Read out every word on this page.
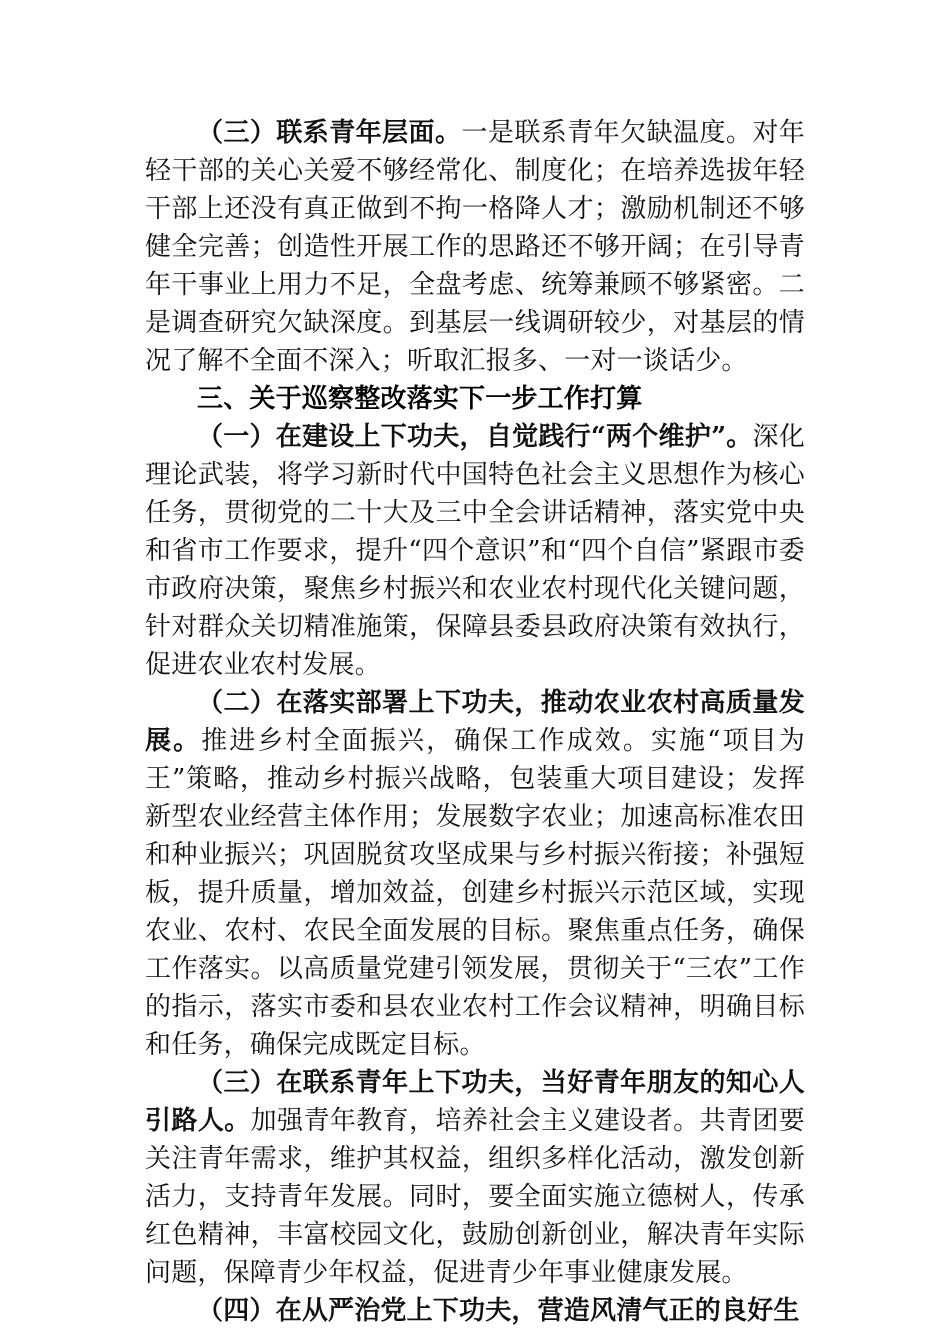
（三）联系青年层面。一是联系青年欠缺温度。对年轻干部的关心关爱不够经常化、制度化；在培养选拔年轻干部上还没有真正做到不拘一格降人才；激励机制还不够健全完善；创造性开展工作的思路还不够开阔；在引导青年干事业上用力不足，全盘考虑、统筹兼顾不够紧密。二是调查研究欠缺深度。到基层一线调研较少，对基层的情况了解不全面不深入；听取汇报多、一对一谈话少。

三、关于巡察整改落实下一步工作打算

（一）在建设上下功夫，自觉践行“两个维护”。深化理论武装，将学习新时代中国特色社会主义思想作为核心任务，贯彻党的二十大及三中全会讲话精神，落实党中央和省市工作要求，提升“四个意识”和“四个自信”紧跟市委市政府决策，聚焦乡村振兴和农业农村现代化关键问题，针对群众关切精准施策，保障县委县政府决策有效执行，促进农业农村发展。

（二）在落实部署上下功夫，推动农业农村高质量发展。推进乡村全面振兴，确保工作成效。实施“项目为王”策略，推动乡村振兴战略，包装重大项目建设；发挥新型农业经营主体作用；发展数字农业；加速高标准农田和种业振兴；巩固脱贫攻坚成果与乡村振兴衔接；补强短板，提升质量，增加效益，创建乡村振兴示范区域，实现农业、农村、农民全面发展的目标。聚焦重点任务，确保工作落实。以高质量党建引领发展，贯彻关于“三农”工作的指示，落实市委和县农业农村工作会议精神，明确目标和任务，确保完成既定目标。

（三）在联系青年上下功夫，当好青年朋友的知心人引路人。加强青年教育，培养社会主义建设者。共青团要关注青年需求，维护其权益，组织多样化活动，激发创新活力，支持青年发展。同时，要全面实施立德树人，传承红色精神，丰富校园文化，鼓励创新创业，解决青年实际问题，保障青少年权益，促进青少年事业健康发展。

（四）在从严治党上下功夫，营造风清气正的良好生
